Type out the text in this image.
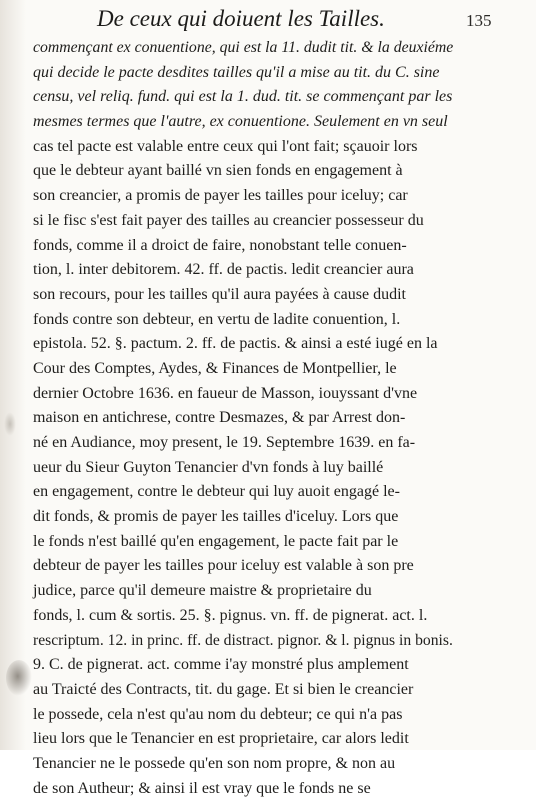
De ceux qui doiuent les Tailles.	135
commençant ex conuentione, qui est la 11. dudit tit. & la deuxiéme
qui decide le pacte desdites tailles qu'il a mise au tit. du C. sine
censu, vel reliq. fund. qui est la 1. dud. tit. se commençant par les
mesmes termes que l'autre, ex conuentione. Seulement en vn seul
cas tel pacte est valable entre ceux qui l'ont fait; sçauoir lors
que le debteur ayant baillé vn sien fonds en engagement à
son creancier, a promis de payer les tailles pour iceluy; car
si le fisc s'est fait payer des tailles au creancier possesseur du
fonds, comme il a droict de faire, nonobstant telle conuen-
tion, l. inter debitorem. 42. ff. de pactis. ledit creancier aura
son recours, pour les tailles qu'il aura payées à cause dudit
fonds contre son debteur, en vertu de ladite conuention, l.
epistola. 52. §. pactum. 2. ff. de pactis. & ainsi a esté iugé en la
Cour des Comptes, Aydes, & Finances de Montpellier, le
dernier Octobre 1636. en faueur de Masson, iouyssant d'vne
maison en antichrese, contre Desmazes, & par Arrest don-
né en Audiance, moy present, le 19. Septembre 1639. en fa-
ueur du Sieur Guyton Tenancier d'vn fonds à luy baillé
en engagement, contre le debteur qui luy auoit engagé le-
dit fonds, & promis de payer les tailles d'iceluy. Lors que
le fonds n'est baillé qu'en engagement, le pacte fait par le
debteur de payer les tailles pour iceluy est valable à son pre
judice, parce qu'il demeure maistre & proprietaire du
fonds, l. cum & sortis. 25. §. pignus. vn. ff. de pignerat. act. l.
rescriptum. 12. in princ. ff. de distract. pignor. & l. pignus in bonis.
9. C. de pignerat. act. comme i'ay monstré plus amplement
au Traicté des Contracts, tit. du gage. Et si bien le creancier
le possede, cela n'est qu'au nom du debteur; ce qui n'a pas
lieu lors que le Tenancier en est proprietaire, car alors ledit
Tenancier ne le possede qu'en son nom propre, & non au
de son Autheur; & ainsi il est vray que le fonds ne se
